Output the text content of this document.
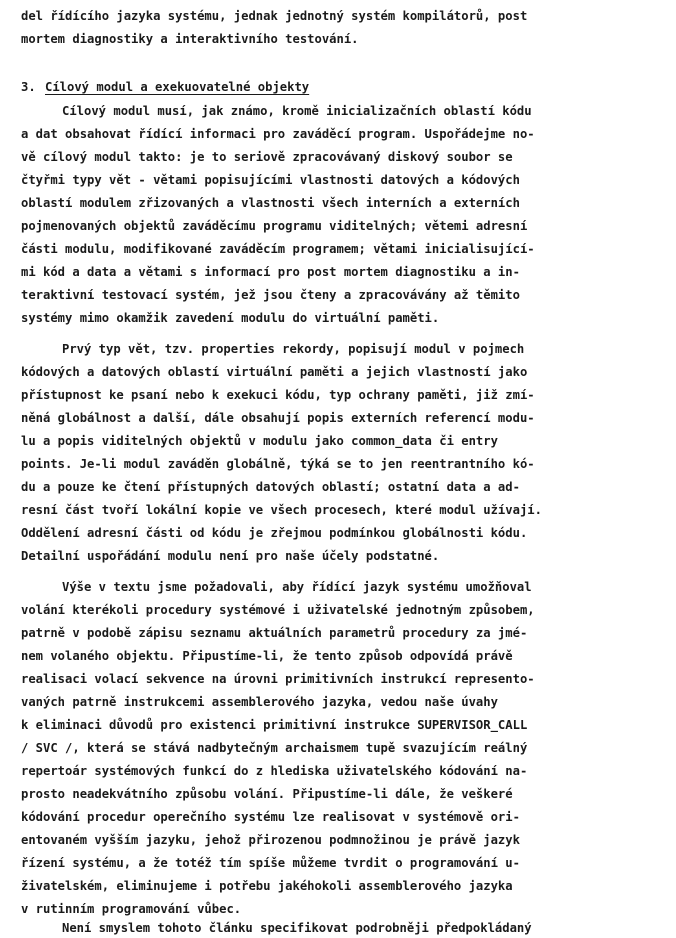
del řídícího jazyka systému, jednak jednotný systém kompilátorů, post
mortem diagnostiky a interaktivního testování.
3. Cílový modul a exekuovatelné objekty
Cílový modul musí, jak známo, kromě inicializačních oblastí kódu
a dat obsahovat řídící informaci pro zaváděcí program. Uspořádejme no-
vě cílový modul takto: je to seriově zpracovávaný diskový soubor se
čtyřmi typy vět - větami popisujícími vlastnosti datových a kódových
oblastí modulem zřizovaných a vlastnosti všech interních a externích
pojmenovaných objektů zaváděcímu programu viditelných; větemi adresní
části modulu, modifikované zaváděcím programem; větami inicialisující-
mi kód a data a větami s informací pro post mortem diagnostiku a in-
teraktivní testovací systém, jež jsou čteny a zpracovávány až těmito
systémy mimo okamžik zavedení modulu do virtuální paměti.
Prvý typ vět, tzv. properties rekordy, popisují modul v pojmech
kódových a datových oblastí virtuální paměti a jejich vlastností jako
přístupnost ke psaní nebo k exekuci kódu, typ ochrany paměti, již zmí-
něná globálnost a další, dále obsahují popis externích referencí modu-
lu a popis viditelných objektů v modulu jako common_data či entry
points. Je-li modul zaváděn globálně, týká se to jen reentrantního kó-
du a pouze ke čtení přístupných datových oblastí; ostatní data a ad-
resní část tvoří lokální kopie ve všech procesech, které modul užívají.
Oddělení adresní části od kódu je zřejmou podmínkou globálnosti kódu.
Detailní uspořádání modulu není pro naše účely podstatné.
Výše v textu jsme požadovali, aby řídící jazyk systému umožňoval
volání kterékoli procedury systémové i uživatelské jednotným způsobem,
patrně v podobě zápisu seznamu aktuálních parametrů procedury za jmé-
nem volaného objektu. Připustíme-li, že tento způsob odpovídá právě
realisaci volací sekvence na úrovni primitivních instrukcí represento-
vaných patrně instrukcemi assemblerového jazyka, vedou naše úvahy
k eliminaci důvodů pro existenci primitivní instrukce SUPERVISOR_CALL
/ SVC /, která se stává nadbytečným archaismem tupě svazujícím reálný
repertoár systémových funkcí do z hlediska uživatelského kódování na-
prosto neadekvátního způsobu volání. Připustíme-li dále, že veškeré
kódování procedur operečního systému lze realisovat v systémově ori-
entovaném vyšším jazyku, jehož přirozenou podmnožinou je právě jazyk
řízení systému, a že totéž tím spíše můžeme tvrdit o programování u-
živatelském, eliminujeme i potřebu jakéhokoli assemblerového jazyka
v rutinním programování vůbec.
Není smyslem tohoto článku specifikovat podrobněji předpokládaný
